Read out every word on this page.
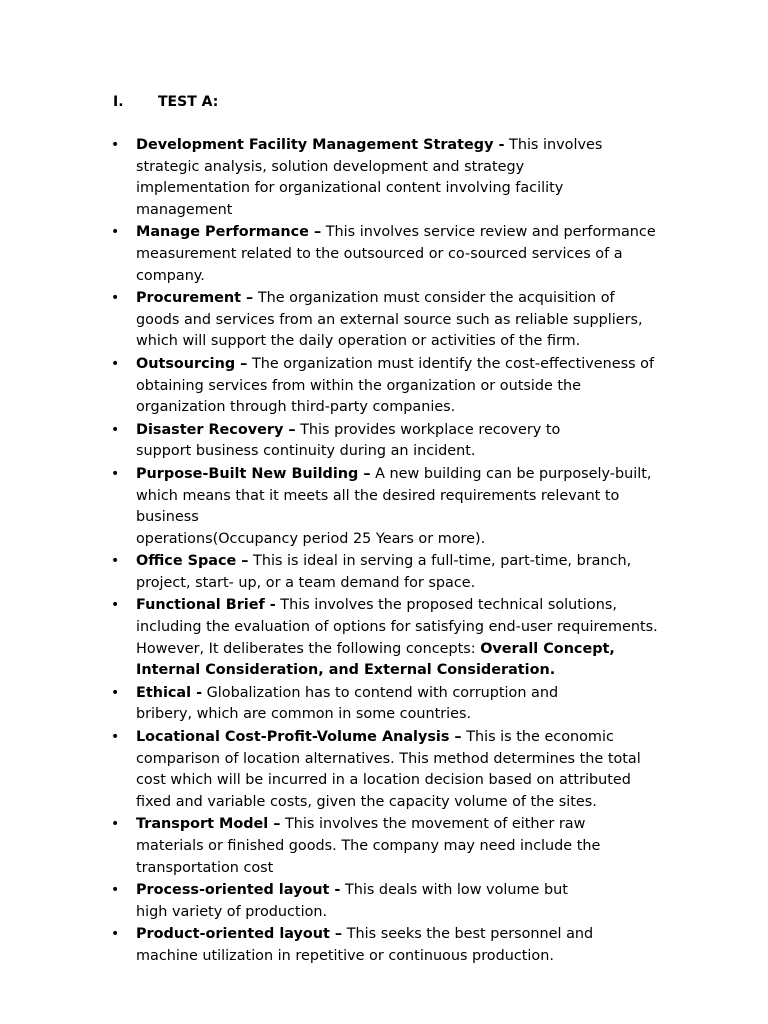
I. TEST A:
• Development Facility Management Strategy - This involves
strategic analysis, solution development and strategy
implementation for organizational content involving facility
management
• Manage Performance – This involves service review and performance
measurement related to the outsourced or co-sourced services of a
company.
• Procurement – The organization must consider the acquisition of
goods and services from an external source such as reliable suppliers,
which will support the daily operation or activities of the firm.
• Outsourcing – The organization must identify the cost-effectiveness of
obtaining services from within the organization or outside the
organization through third-party companies.
• Disaster Recovery – This provides workplace recovery to
support business continuity during an incident.
• Purpose-Built New Building – A new building can be purposely-built,
which means that it meets all the desired requirements relevant to
business
operations(Occupancy period 25 Years or more).
• Office Space – This is ideal in serving a full-time, part-time, branch,
project, start- up, or a team demand for space.
• Functional Brief - This involves the proposed technical solutions,
including the evaluation of options for satisfying end-user requirements.
However, It deliberates the following concepts: Overall Concept,
Internal Consideration, and External Consideration.
• Ethical - Globalization has to contend with corruption and
bribery, which are common in some countries.
• Locational Cost-Profit-Volume Analysis – This is the economic
comparison of location alternatives. This method determines the total
cost which will be incurred in a location decision based on attributed
fixed and variable costs, given the capacity volume of the sites.
• Transport Model – This involves the movement of either raw
materials or finished goods. The company may need include the
transportation cost
• Process-oriented layout - This deals with low volume but
high variety of production.
• Product-oriented layout – This seeks the best personnel and
machine utilization in repetitive or continuous production.
